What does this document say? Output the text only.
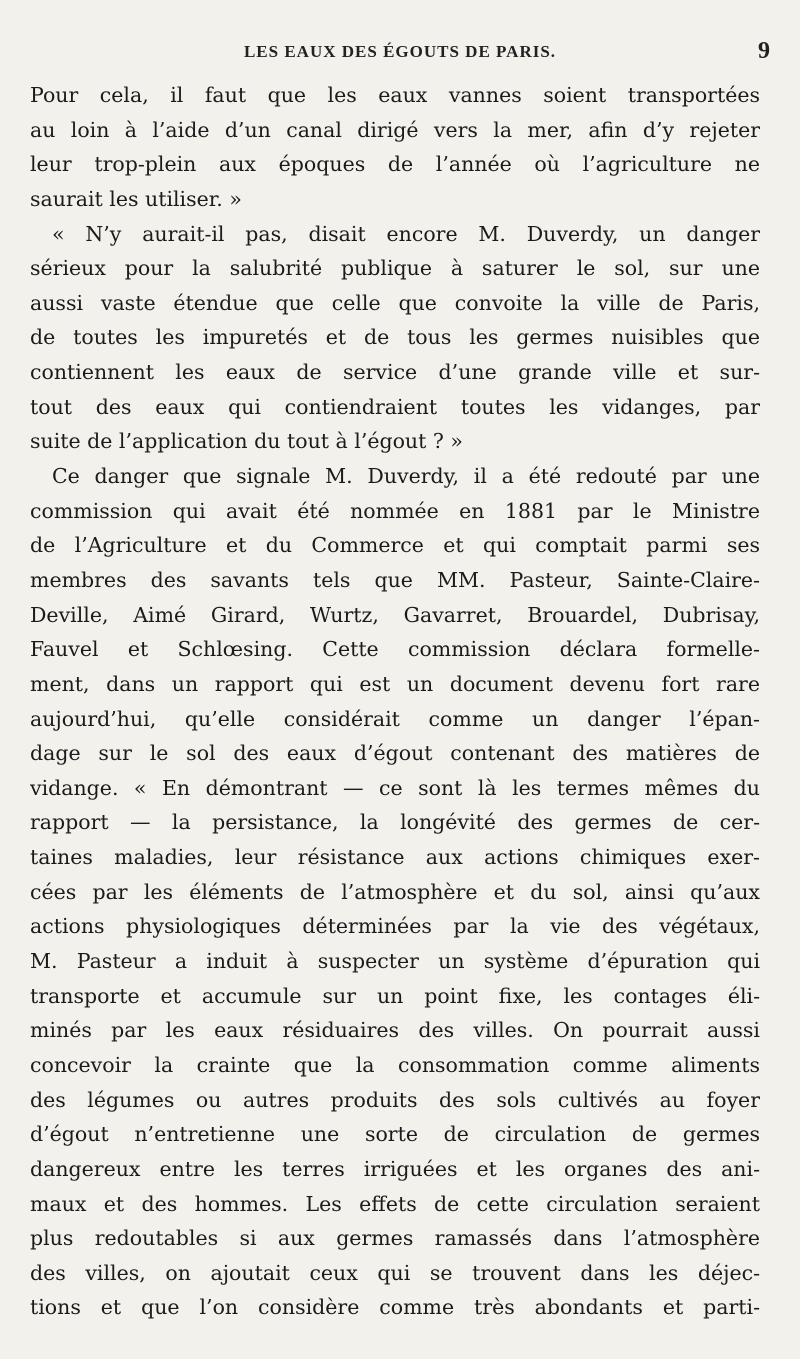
LES EAUX DES ÉGOUTS DE PARIS.	9
Pour cela, il faut que les eaux vannes soient transportées
au loin à l’aide d’un canal dirigé vers la mer, afin d’y rejeter
leur trop-plein aux époques de l’année où l’agriculture ne
saurait les utiliser. »
« N’y aurait-il pas, disait encore M. Duverdy, un danger
sérieux pour la salubrité publique à saturer le sol, sur une
aussi vaste étendue que celle que convoite la ville de Paris,
de toutes les impuretés et de tous les germes nuisibles que
contiennent les eaux de service d’une grande ville et sur-
tout des eaux qui contiendraient toutes les vidanges, par
suite de l’application du tout à l’égout ? »
Ce danger que signale M. Duverdy, il a été redouté par une
commission qui avait été nommée en 1881 par le Ministre
de l’Agriculture et du Commerce et qui comptait parmi ses
membres des savants tels que MM. Pasteur, Sainte-Claire-
Deville, Aimé Girard, Wurtz, Gavarret, Brouardel, Dubrisay,
Fauvel et Schlœsing. Cette commission déclara formelle-
ment, dans un rapport qui est un document devenu fort rare
aujourd’hui, qu’elle considérait comme un danger l’épan-
dage sur le sol des eaux d’égout contenant des matières de
vidange. « En démontrant — ce sont là les termes mêmes du
rapport — la persistance, la longévité des germes de cer-
taines maladies, leur résistance aux actions chimiques exer-
cées par les éléments de l’atmosphère et du sol, ainsi qu’aux
actions physiologiques déterminées par la vie des végétaux,
M. Pasteur a induit à suspecter un système d’épuration qui
transporte et accumule sur un point fixe, les contages éli-
minés par les eaux résiduaires des villes. On pourrait aussi
concevoir la crainte que la consommation comme aliments
des légumes ou autres produits des sols cultivés au foyer
d’égout n’entretienne une sorte de circulation de germes
dangereux entre les terres irriguées et les organes des ani-
maux et des hommes. Les effets de cette circulation seraient
plus redoutables si aux germes ramassés dans l’atmosphère
des villes, on ajoutait ceux qui se trouvent dans les déjec-
tions et que l’on considère comme très abondants et parti-
